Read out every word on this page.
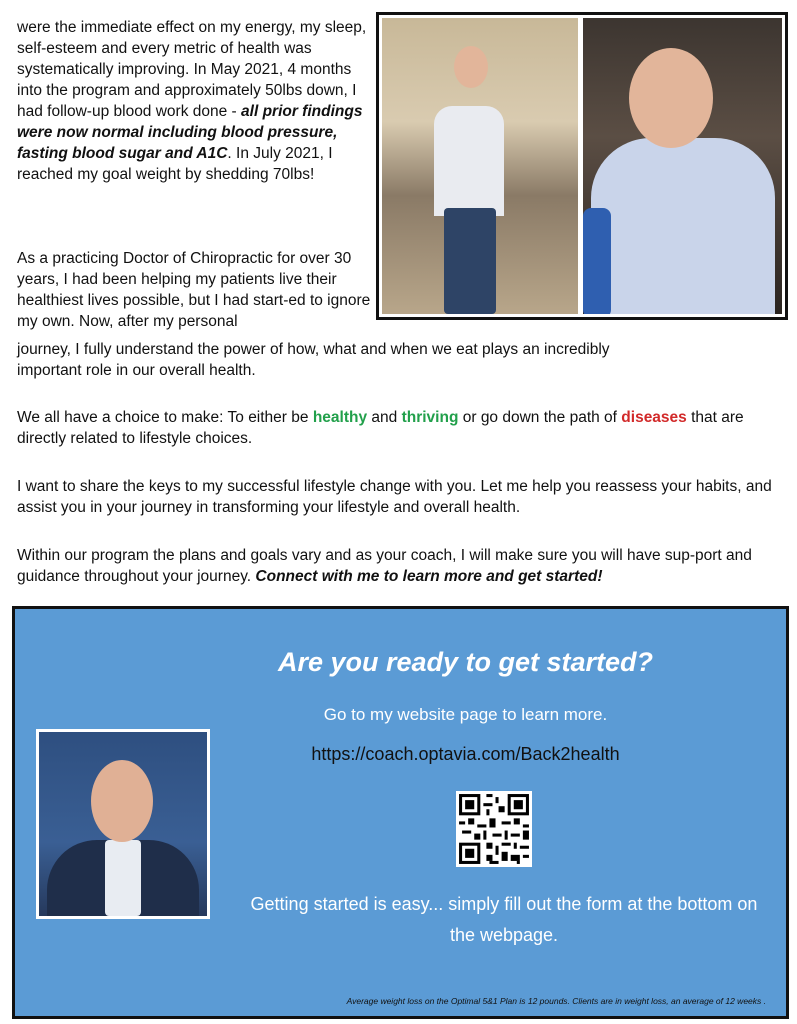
were the immediate effect on my energy, my sleep, self-esteem and every metric of health was systematically improving. In May 2021, 4 months into the program and approximately 50lbs down, I had follow-up blood work done - all prior findings were now normal including blood pressure, fasting blood sugar and A1C. In July 2021, I reached my goal weight by shedding 70lbs!

As a practicing Doctor of Chiropractic for over 30 years, I had been helping my patients live their healthiest lives possible, but I had start-ed to ignore my own. Now, after my personal

journey, I fully understand the power of how, what and when we eat plays an incredibly important role in our overall health.

We all have a choice to make: To either be healthy and thriving or go down the path of diseases that are directly related to lifestyle choices.

I want to share the keys to my successful lifestyle change with you. Let me help you reassess your habits, and assist you in your journey in transforming your lifestyle and overall health.

Within our program the plans and goals vary and as your coach, I will make sure you will have sup-port and guidance throughout your journey. Connect with me to learn more and get started!

Are you ready to get started?
Go to my website page to learn more.
https://coach.optavia.com/Back2health
Getting started is easy... simply fill out the form at the bottom on the webpage.
Average weight loss on the Optimal 5&1 Plan is 12 pounds. Clients are in weight loss, an average of 12 weeks .
